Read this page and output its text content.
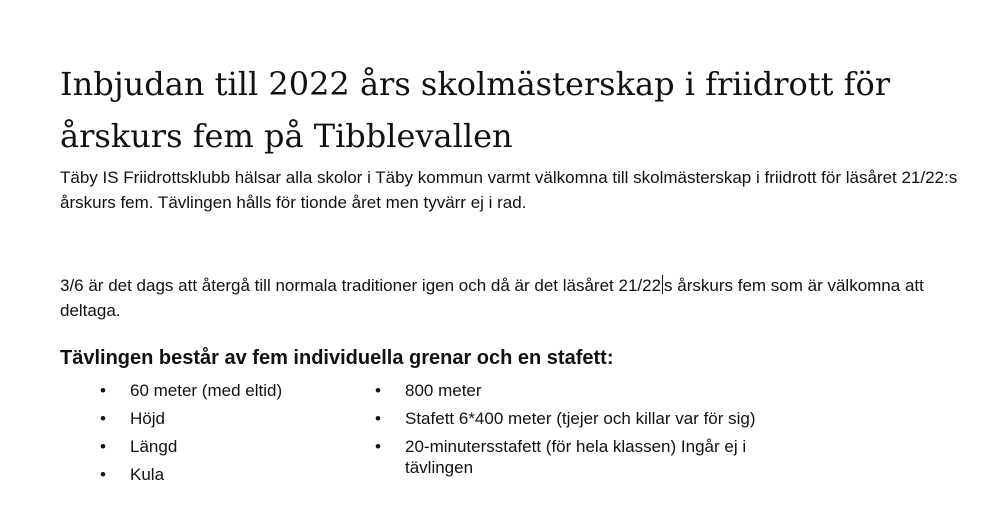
Inbjudan till 2022 års skolmästerskap i friidrott för årskurs fem på Tibblevallen

Täby IS Friidrottsklubb hälsar alla skolor i Täby kommun varmt välkomna till skolmästerskap i friidrott för läsåret 21/22:s årskurs fem. Tävlingen hålls för tionde året men tyvärr ej i rad.

3/6 är det dags att återgå till normala traditioner igen och då är det läsåret 21/22 s årskurs fem som är välkomna att deltaga.

Tävlingen består av fem individuella grenar och en stafett:
• 60 meter (med eltid)
• Höjd
• Längd
• Kula
• 800 meter
• Stafett 6*400 meter (tjejer och killar var för sig)
• 20-minutersstafett (för hela klassen) Ingår ej i tävlingen
